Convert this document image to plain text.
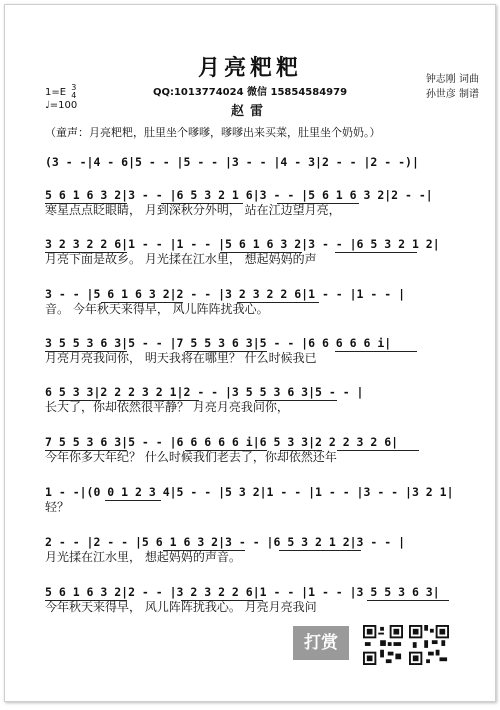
月亮粑粑
QQ:1013774024 微信 15854584979
赵雷
钟志刚 词曲
孙世彦 制谱
1=E 3
4
♩=100
（童声：月亮粑粑，肚里坐个嗲嗲，嗲嗲出来买菜，肚里坐个奶奶。）
(3 - -|4 - 6|5 - - |5 - - |3 - - |4 - 3|2 - - |2 - -)|
5 6 1 6 3 2|3 - - |6 5 3 2 1 6|3 - - |5 6 1 6 3 2|2 - -|
寒星点点眨眼睛， 月到深秋分外明， 站在江边望月亮，
3 2 3 2 2 6|1 - - |1 - - |5 6 1 6 3 2|3 - - |6 5 3 2 1 2|
月亮下面是故乡。 月光揉在江水里， 想起妈妈的声
3 - - |5 6 1 6 3 2|2 - - |3 2 3 2 2 6|1 - - |1 - - |
音。 今年秋天来得早， 风儿阵阵扰我心。
3 5 5 3 6 3|5 - - |7 5 5 3 6 3|5 - - |6 6 6 6 6 i|
月亮月亮我问你， 明天我将在哪里？ 什么时候我已
6 5 3 3|2 2 2 3 2 1|2 - - |3 5 5 3 6 3|5 - - |
长大了，你却依然很平静？ 月亮月亮我问你，
7 5 5 3 6 3|5 - - |6 6 6 6 6 i|6 5 3 3|2 2 2 3 2 6|
今年你多大年纪？ 什么时候我们老去了，你却依然还年
1 - -|(0 0 1 2 3 4|5 - - |5 3 2|1 - - |1 - - |3 - - |3 2 1|
轻？
2 - - |2 - - |5 6 1 6 3 2|3 - - |6 5 3 2 1 2|3 - - |
月光揉在江水里， 想起妈妈的声音。
5 6 1 6 3 2|2 - - |3 2 3 2 2 6|1 - - |1 - - |3 5 5 3 6 3|
今年秋天来得早， 风儿阵阵扰我心。 月亮月亮我问
打赏
